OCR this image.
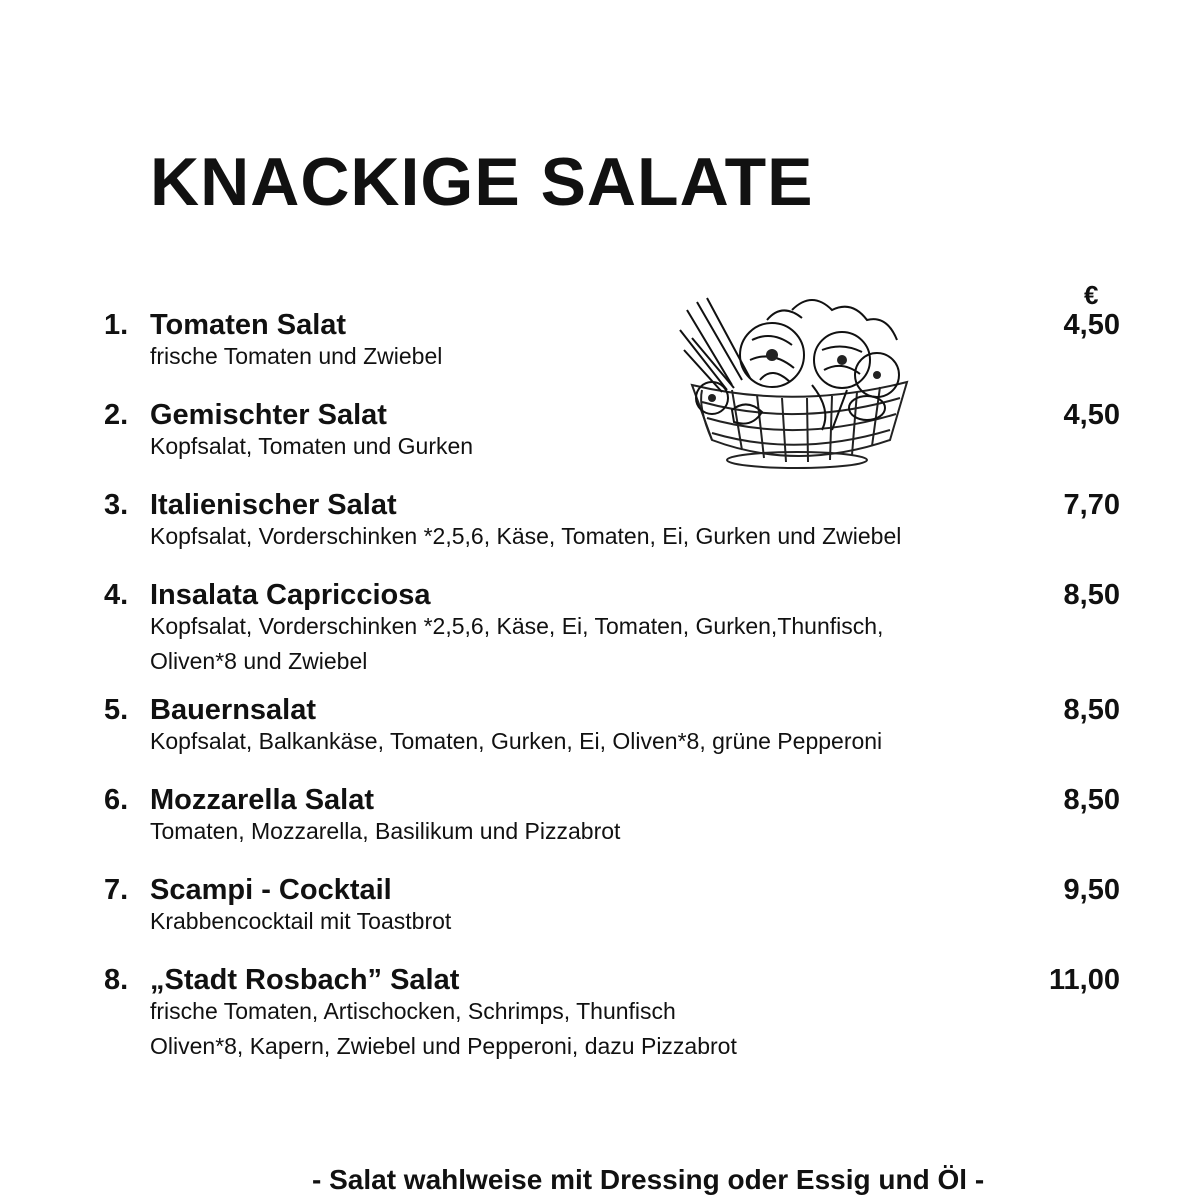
KNACKIGE SALATE
€
1. Tomaten Salat
frische Tomaten und Zwiebel
4,50
2. Gemischter Salat
Kopfsalat, Tomaten und Gurken
4,50
3. Italienischer Salat
Kopfsalat, Vorderschinken *2,5,6, Käse, Tomaten, Ei, Gurken und Zwiebel
7,70
4. Insalata Capricciosa
Kopfsalat, Vorderschinken *2,5,6, Käse, Ei, Tomaten, Gurken,Thunfisch,
Oliven*8 und Zwiebel
8,50
5. Bauernsalat
Kopfsalat, Balkankäse, Tomaten, Gurken, Ei, Oliven*8, grüne Pepperoni
8,50
6. Mozzarella Salat
Tomaten, Mozzarella, Basilikum und Pizzabrot
8,50
7. Scampi - Cocktail
Krabbencocktail mit Toastbrot
9,50
8. „Stadt Rosbach” Salat
frische Tomaten, Artischocken, Schrimps, Thunfisch
Oliven*8, Kapern, Zwiebel und Pepperoni, dazu Pizzabrot
11,00
- Salat wahlweise mit Dressing oder Essig und Öl -
